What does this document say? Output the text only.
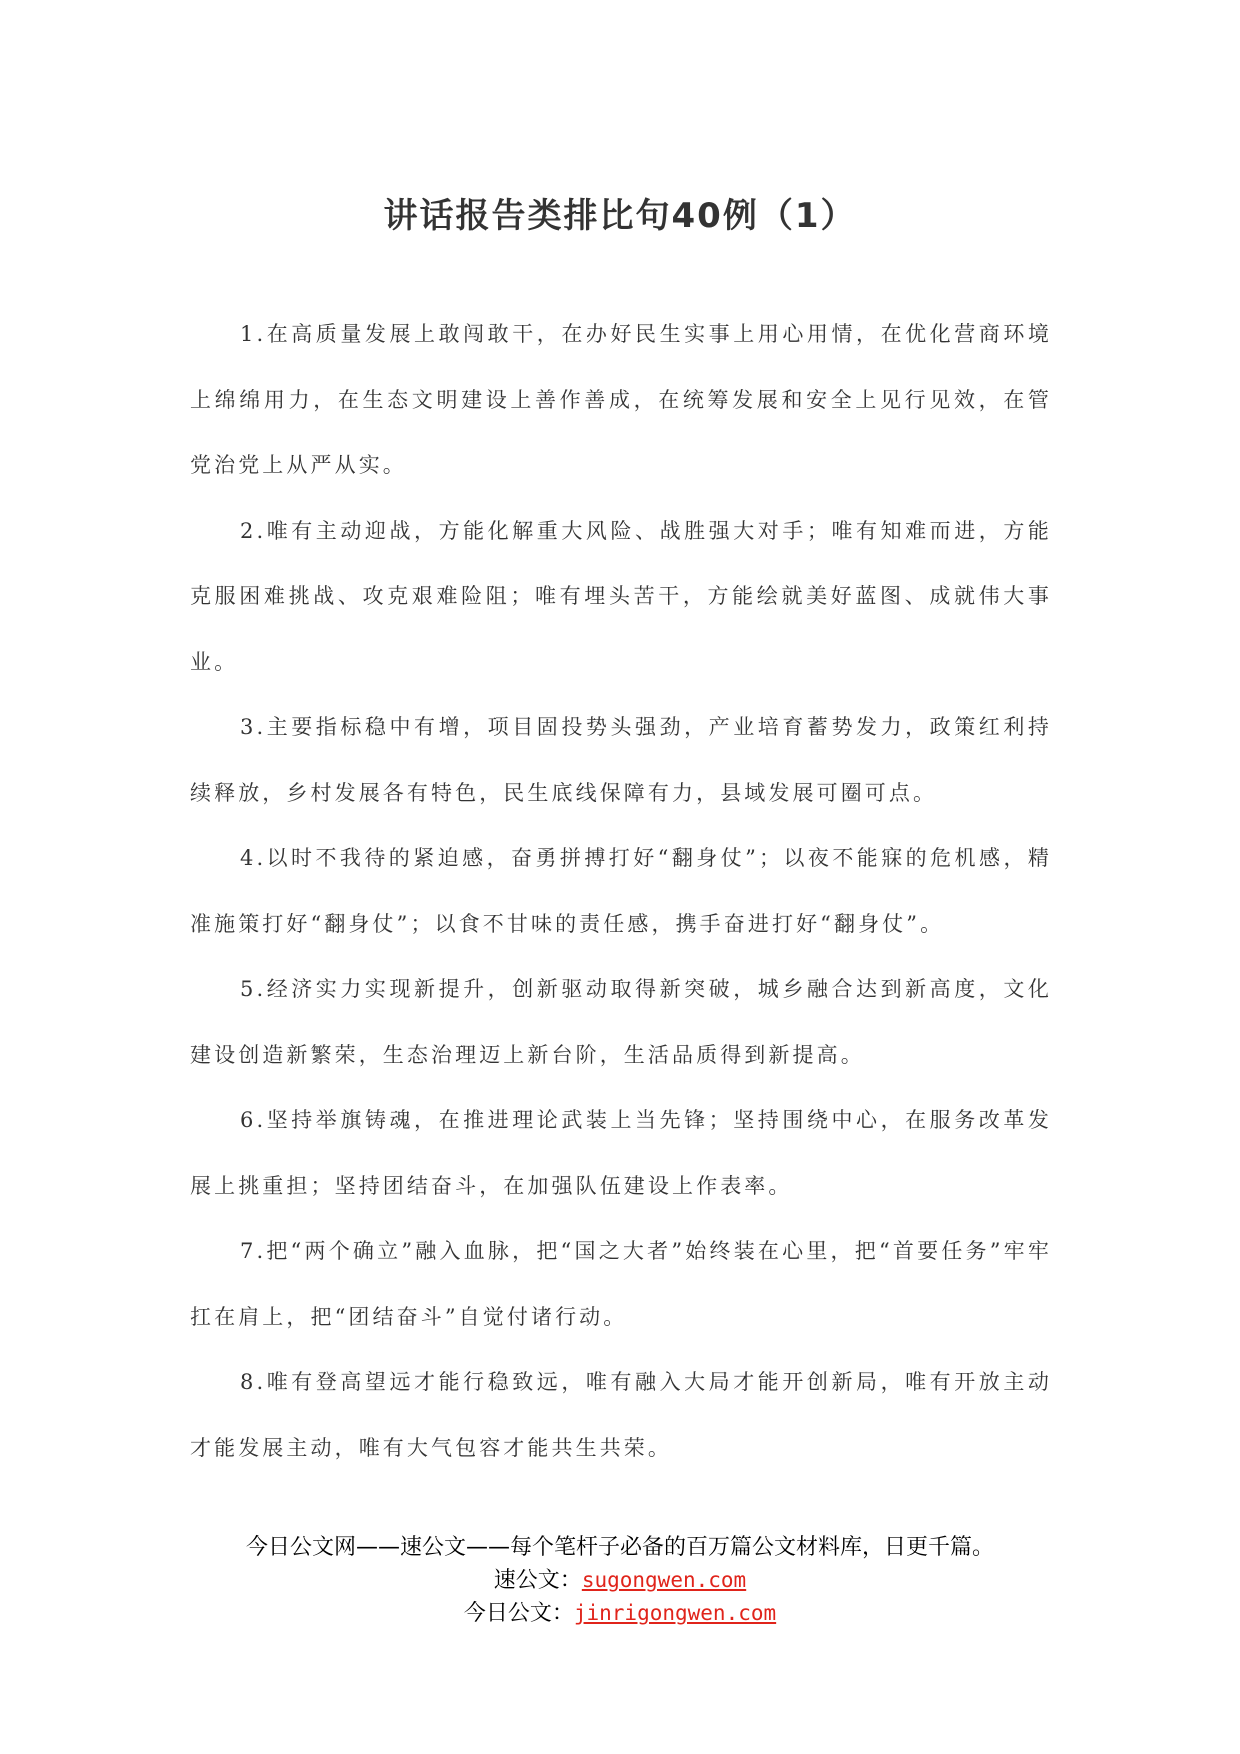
讲话报告类排比句40例（1）

1.在高质量发展上敢闯敢干，在办好民生实事上用心用情，在优化营商环境上绵绵用力，在生态文明建设上善作善成，在统筹发展和安全上见行见效，在管党治党上从严从实。

2.唯有主动迎战，方能化解重大风险、战胜强大对手；唯有知难而进，方能克服困难挑战、攻克艰难险阻；唯有埋头苦干，方能绘就美好蓝图、成就伟大事业。

3.主要指标稳中有增，项目固投势头强劲，产业培育蓄势发力，政策红利持续释放，乡村发展各有特色，民生底线保障有力，县域发展可圈可点。

4.以时不我待的紧迫感，奋勇拼搏打好“翻身仗”；以夜不能寐的危机感，精准施策打好“翻身仗”；以食不甘味的责任感，携手奋进打好“翻身仗”。

5.经济实力实现新提升，创新驱动取得新突破，城乡融合达到新高度，文化建设创造新繁荣，生态治理迈上新台阶，生活品质得到新提高。

6.坚持举旗铸魂，在推进理论武装上当先锋；坚持围绕中心，在服务改革发展上挑重担；坚持团结奋斗，在加强队伍建设上作表率。

7.把“两个确立”融入血脉，把“国之大者”始终装在心里，把“首要任务”牢牢扛在肩上，把“团结奋斗”自觉付诸行动。

8.唯有登高望远才能行稳致远，唯有融入大局才能开创新局，唯有开放主动才能发展主动，唯有大气包容才能共生共荣。

今日公文网——速公文——每个笔杆子必备的百万篇公文材料库，日更千篇。
速公文：sugongwen.com
今日公文：jinrigongwen.com
